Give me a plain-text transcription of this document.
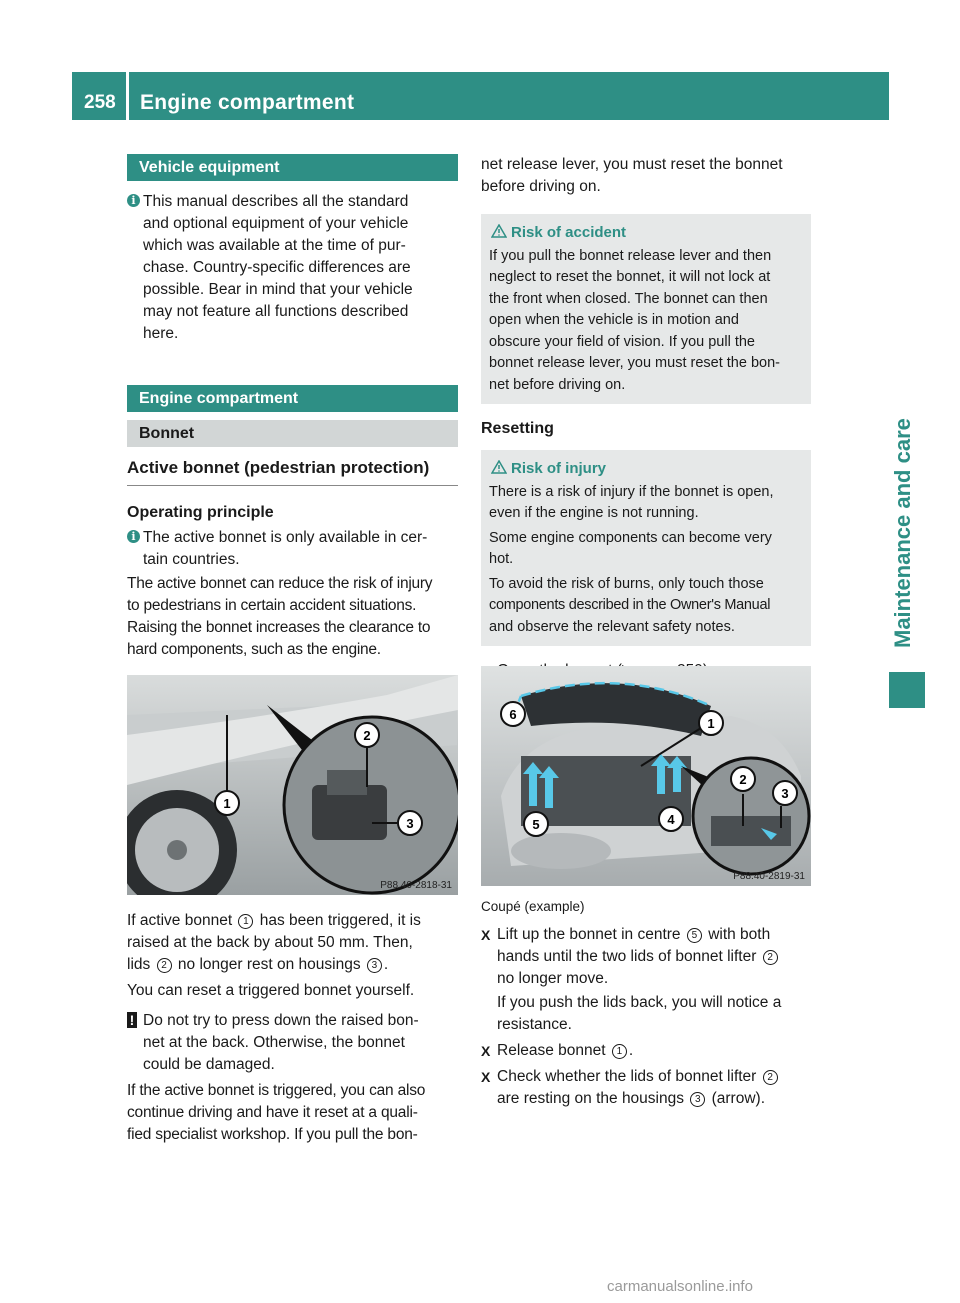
258	Engine compartment
Maintenance and care
Vehicle equipment
i This manual describes all the standard
and optional equipment of your vehicle
which was available at the time of pur-
chase. Country-specific differences are
possible. Bear in mind that your vehicle
may not feature all functions described
here.
Engine compartment
Bonnet
Active bonnet (pedestrian protection)
Operating principle
i The active bonnet is only available in cer-
tain countries.
The active bonnet can reduce the risk of injury
to pedestrians in certain accident situations.
Raising the bonnet increases the clearance to
hard components, such as the engine.
1
2
3
P88.40-2818-31
If active bonnet 1 has been triggered, it is
raised at the back by about 50 mm. Then,
lids 2 no longer rest on housings 3 .
You can reset a triggered bonnet yourself.
! Do not try to press down the raised bon-
net at the back. Otherwise, the bonnet
could be damaged.
If the active bonnet is triggered, you can also
continue driving and have it reset at a quali-
fied specialist workshop. If you pull the bon-
net release lever, you must reset the bonnet
before driving on.
Risk of accident
If you pull the bonnet release lever and then
neglect to reset the bonnet, it will not lock at
the front when closed. The bonnet can then
open when the vehicle is in motion and
obscure your field of vision. If you pull the
bonnet release lever, you must reset the bon-
net before driving on.
Resetting
Risk of injury
There is a risk of injury if the bonnet is open,
even if the engine is not running.
Some engine components can become very
hot.
To avoid the risk of burns, only touch those
components described in the Owner's Manual
and observe the relevant safety notes.
6
1
5	4
2
3
P88.40-2819-31
Coupé (example)
X Lift up the bonnet in centre 5 with both
hands until the two lids of bonnet lifter 2
no longer move.
If you push the lids back, you will notice a
resistance.
X Release bonnet 1 .
X Check whether the lids of bonnet lifter 2
are resting on the housings 3 (arrow).
carmanualsonline.info
